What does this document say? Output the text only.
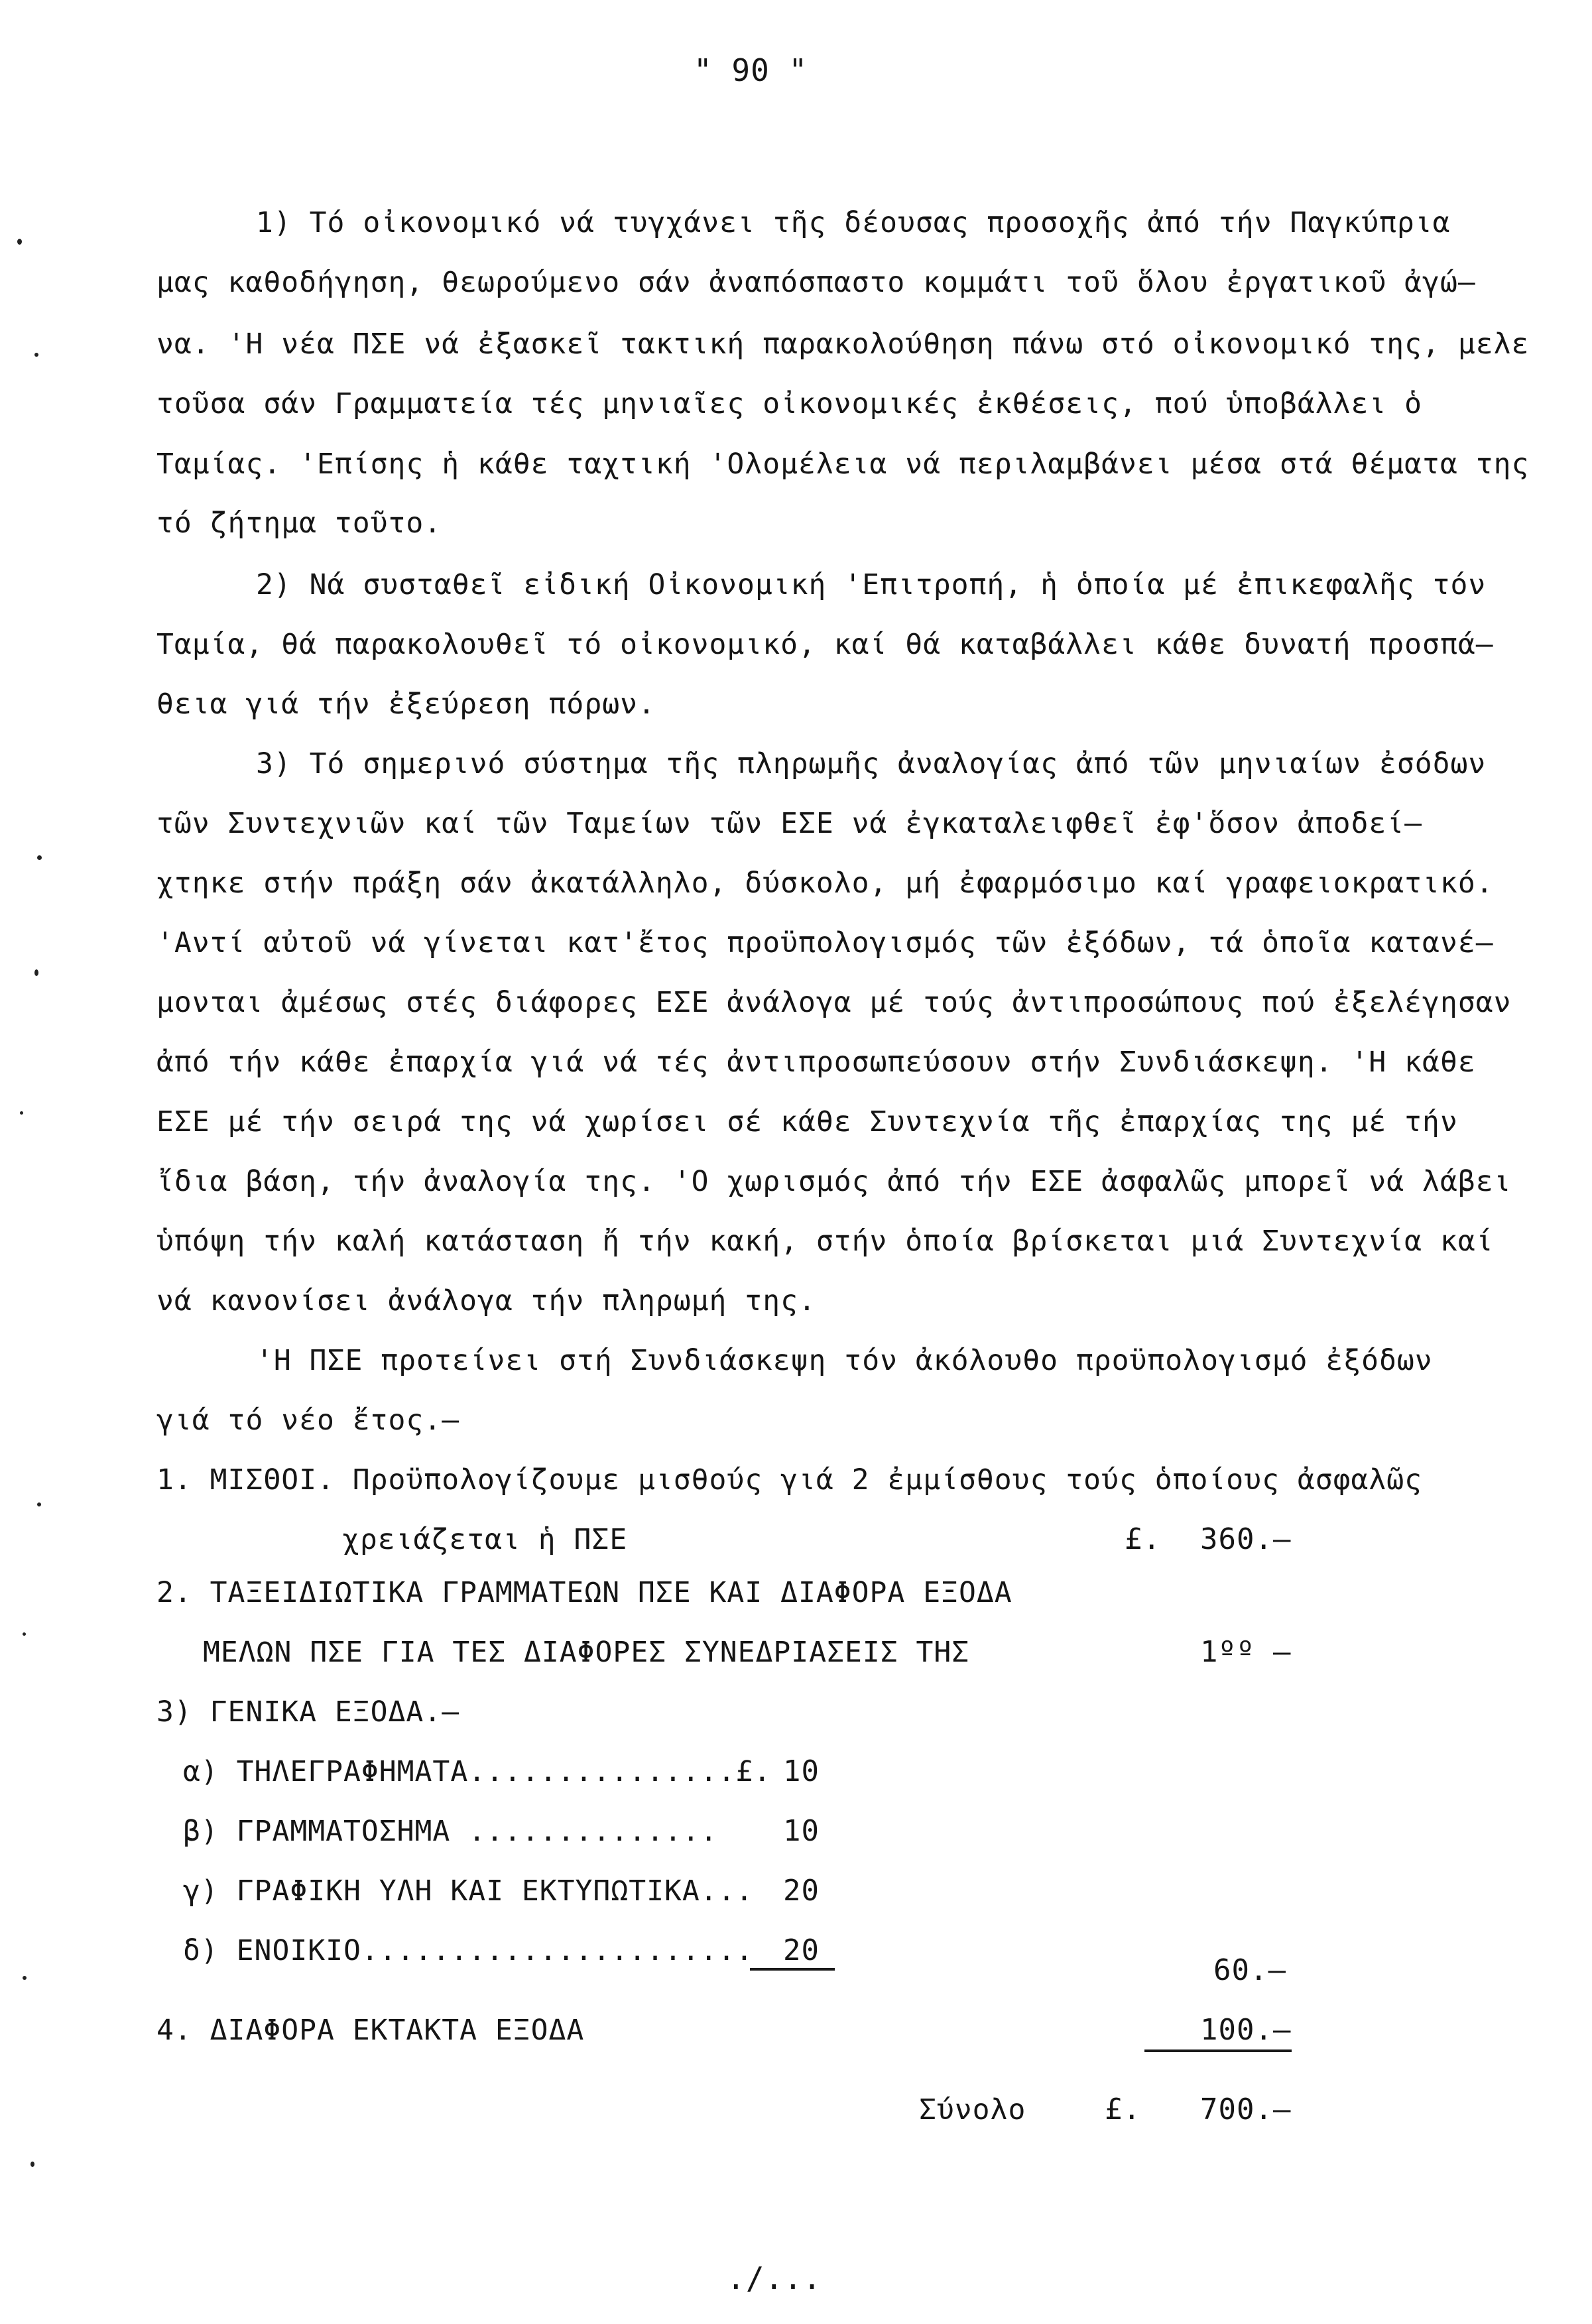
" 90 "
1) Τό οἰκονομικό νά τυγχάνει τῆς δέουσας προσοχῆς ἀπό τήν Παγκύπρια
μας καθοδήγηση, θεωρούμενο σάν ἀναπόσπαστο κομμάτι τοῦ ὅλου ἐργατικοῦ ἀγώ–
να. 'Η νέα ΠΣΕ νά ἐξασκεῖ τακτική παρακολούθηση πάνω στό οἰκονομικό της, μελε
τοῦσα σάν Γραμματεία τές μηνιαῖες οἰκονομικές ἐκθέσεις, πού ὑποβάλλει ὁ
Ταμίας. 'Επίσης ἡ κάθε ταχτική 'Ολομέλεια νά περιλαμβάνει μέσα στά θέματα της
τό ζήτημα τοῦτο.
2) Νά συσταθεῖ εἰδική Οἰκονομική 'Επιτροπή, ἡ ὁποία μέ ἐπικεφαλῆς τόν
Ταμία, θά παρακολουθεῖ τό οἰκονομικό, καί θά καταβάλλει κάθε δυνατή προσπά–
θεια γιά τήν ἐξεύρεση πόρων.
3) Τό σημερινό σύστημα τῆς πληρωμῆς ἀναλογίας ἀπό τῶν μηνιαίων ἐσόδων
τῶν Συντεχνιῶν καί τῶν Ταμείων τῶν ΕΣΕ νά ἐγκαταλειφθεῖ ἐφ'ὅσον ἀποδεί–
χτηκε στήν πράξη σάν ἀκατάλληλο, δύσκολο, μή ἐφαρμόσιμο καί γραφειοκρατικό.
'Αντί αὐτοῦ νά γίνεται κατ'ἔτος προϋπολογισμός τῶν ἐξόδων, τά ὁποῖα κατανέ–
μονται ἀμέσως στές διάφορες ΕΣΕ ἀνάλογα μέ τούς ἀντιπροσώπους πού ἐξελέγησαν
ἀπό τήν κάθε ἐπαρχία γιά νά τές ἀντιπροσωπεύσουν στήν Συνδιάσκεψη. 'Η κάθε
ΕΣΕ μέ τήν σειρά της νά χωρίσει σέ κάθε Συντεχνία τῆς ἐπαρχίας της μέ τήν
ἴδια βάση, τήν ἀναλογία της. 'Ο χωρισμός ἀπό τήν ΕΣΕ ἀσφαλῶς μπορεῖ νά λάβει
ὑπόψη τήν καλή κατάσταση ἤ τήν κακή, στήν ὁποία βρίσκεται μιά Συντεχνία καί
νά κανονίσει ἀνάλογα τήν πληρωμή της.
'Η ΠΣΕ προτείνει στή Συνδιάσκεψη τόν ἀκόλουθο προϋπολογισμό ἐξόδων
γιά τό νέο ἔτος.–
1. ΜΙΣΘΟΙ. Προϋπολογίζουμε μισθούς γιά 2 ἐμμίσθους τούς ὁποίους ἀσφαλῶς
χρειάζεται ἡ ΠΣΕ	£. 360.–
2. ΤΑΞΕΙΔΙΩΤΙΚΑ ΓΡΑΜΜΑΤΕΩΝ ΠΣΕ ΚΑΙ ΔΙΑΦΟΡΑ ΕΞΟΔΑ
ΜΕΛΩΝ ΠΣΕ ΓΙΑ ΤΕΣ ΔΙΑΦΟΡΕΣ ΣΥΝΕΔΡΙΑΣΕΙΣ ΤΗΣ	1ºº –
3) ΓΕΝΙΚΑ ΕΞΟΔΑ.–
α) ΤΗΛΕΓΡΑΦΗΜΑΤΑ...............£. 10
β) ΓΡΑΜΜΑΤΟΣΗΜΑ .............. 10
γ) ΓΡΑΦΙΚΗ ΥΛΗ ΚΑΙ ΕΚΤΥΠΩΤΙΚΑ... 20
δ) ΕΝΟΙΚΙΟ...................... 20
60.–
4. ΔΙΑΦΟΡΑ ΕΚΤΑΚΤΑ ΕΞΟΔΑ	100.–
Σύνολο	£. 700.–
./...
